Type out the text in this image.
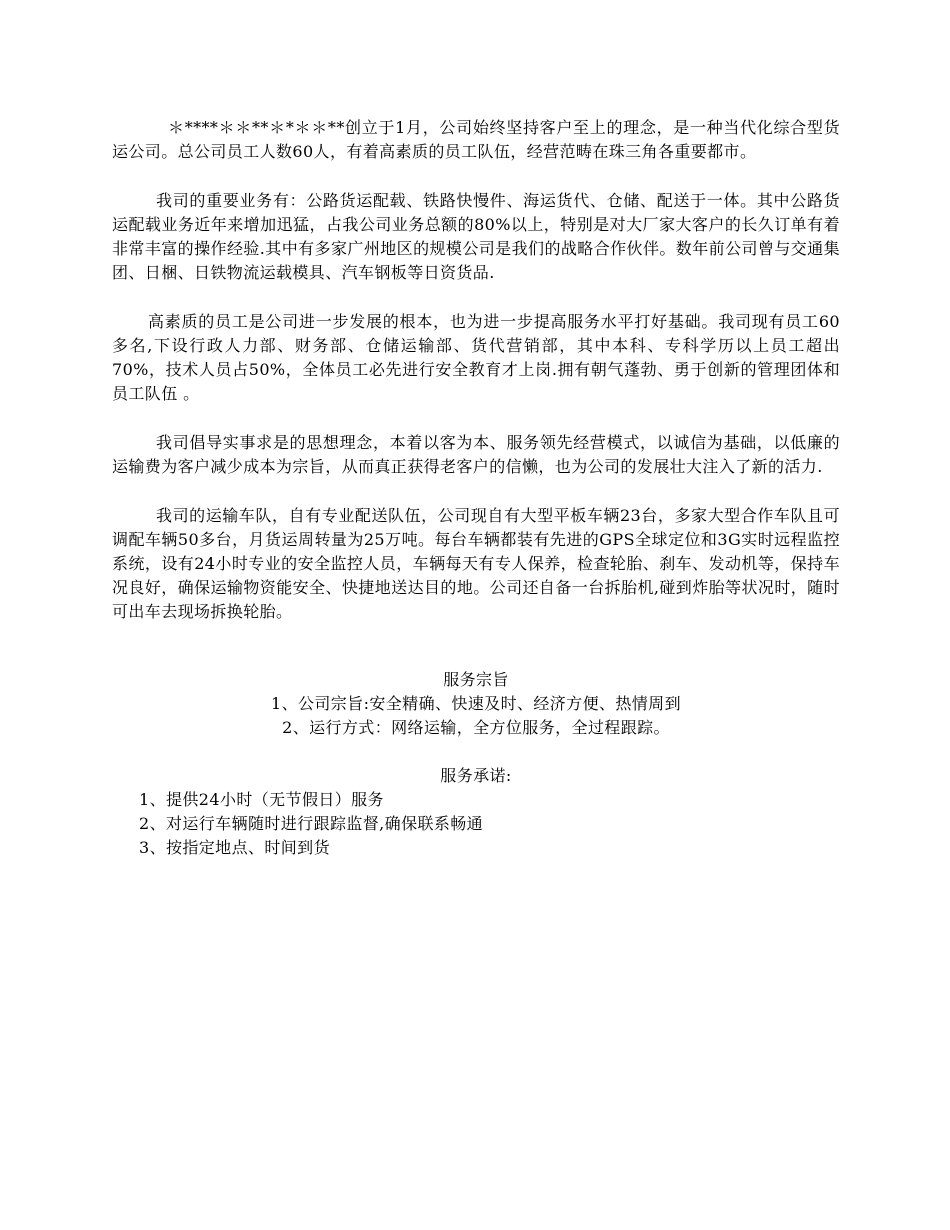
＊****＊＊**＊*＊＊**创立于1月，公司始终坚持客户至上的理念，是一种当代化综合型货运公司。总公司员工人数60人，有着高素质的员工队伍，经营范畴在珠三角各重要都市。

我司的重要业务有：公路货运配载、铁路快慢件、海运货代、仓储、配送于一体。其中公路货运配载业务近年来增加迅猛，占我公司业务总额的80%以上，特别是对大厂家大客户的长久订单有着非常丰富的操作经验.其中有多家广州地区的规模公司是我们的战略合作伙伴。数年前公司曾与交通集团、日梱、日铁物流运载模具、汽车钢板等日资货品.

高素质的员工是公司进一步发展的根本，也为进一步提高服务水平打好基础。我司现有员工60多名,下设行政人力部、财务部、仓储运输部、货代营销部，其中本科、专科学历以上员工超出70%，技术人员占50%，全体员工必先进行安全教育才上岗.拥有朝气蓬勃、勇于创新的管理团体和员工队伍 。

我司倡导实事求是的思想理念，本着以客为本、服务领先经营模式，以诚信为基础，以低廉的运输费为客户减少成本为宗旨，从而真正获得老客户的信懒，也为公司的发展壮大注入了新的活力.

我司的运输车队，自有专业配送队伍，公司现自有大型平板车辆23台，多家大型合作车队且可调配车辆50多台，月货运周转量为25万吨。每台车辆都装有先进的GPS全球定位和3G实时远程监控系统，设有24小时专业的安全监控人员，车辆每天有专人保养，检查轮胎、刹车、发动机等，保持车况良好，确保运输物资能安全、快捷地送达目的地。公司还自备一台拆胎机,碰到炸胎等状况时，随时可出车去现场拆换轮胎。

服务宗旨
1、公司宗旨:安全精确、快速及时、经济方便、热情周到
2、运行方式：网络运输，全方位服务，全过程跟踪。
服务承诺:
1、提供24小时（无节假日）服务
2、对运行车辆随时进行跟踪监督,确保联系畅通
3、按指定地点、时间到货
